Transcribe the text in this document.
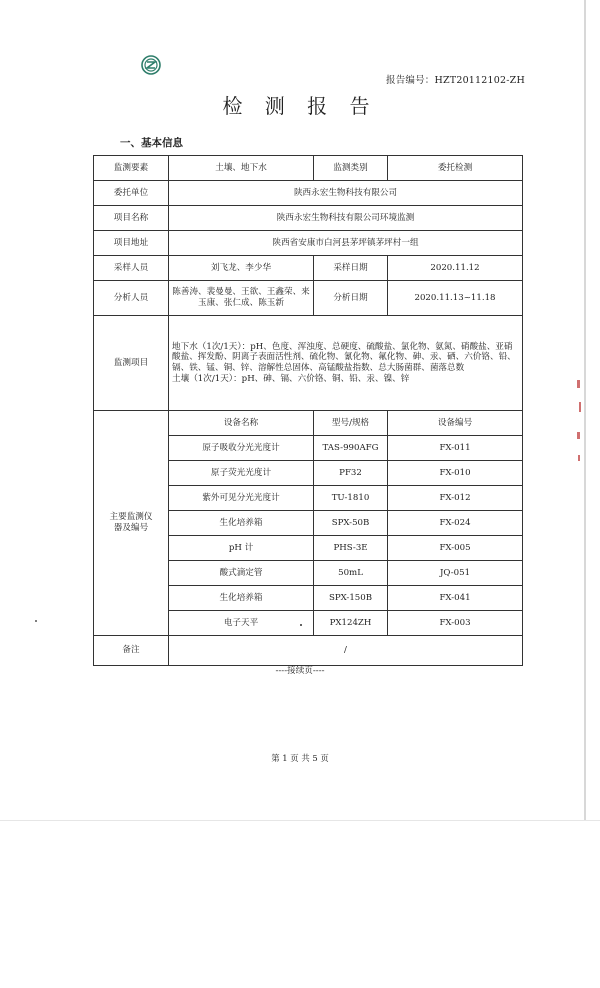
报告编号：HZT20112102-ZH
检 测 报 告
一、基本信息
监测要素	土壤、地下水	监测类别	委托检测
委托单位	陕西永宏生物科技有限公司		
项目名称	陕西永宏生物科技有限公司环境监测		
项目地址	陕西省安康市白河县茅坪镇茅坪村一组		
采样人员	刘飞龙、李少华	采样日期	2020.11.12
分析人员	陈善涛、裴曼曼、王欲、王鑫荣、来玉康、张仁成、陈玉新	分析日期	2020.11.13~11.18
监测项目	地下水（1次/1天）：pH、色度、浑浊度、总硬度、硫酸盐、氯化物、氨氮、硝酸盐、亚硝酸盐、挥发酚、阴离子表面活性剂、硫化物、氰化物、氟化物、砷、汞、硒、六价铬、铅、镉、铁、锰、铜、锌、溶解性总固体、高锰酸盐指数、总大肠菌群、菌落总数
土壤（1次/1天）：pH、砷、镉、六价铬、铜、铅、汞、镍、锌		

主要监测仪器及编号	设备名称	型号/规格	设备编号
	原子吸收分光光度计	TAS-990AFG	FX-011
	原子荧光光度计	PF32	FX-010
	紫外可见分光光度计	TU-1810	FX-012
	生化培养箱	SPX-50B	FX-024
	pH 计	PHS-3E	FX-005
	酸式滴定管	50mL	JQ-051
	生化培养箱	SPX-150B	FX-041
	电子天平	PX124ZH	FX-003
备注	/		
----接续页----
第 1 页 共 5 页
